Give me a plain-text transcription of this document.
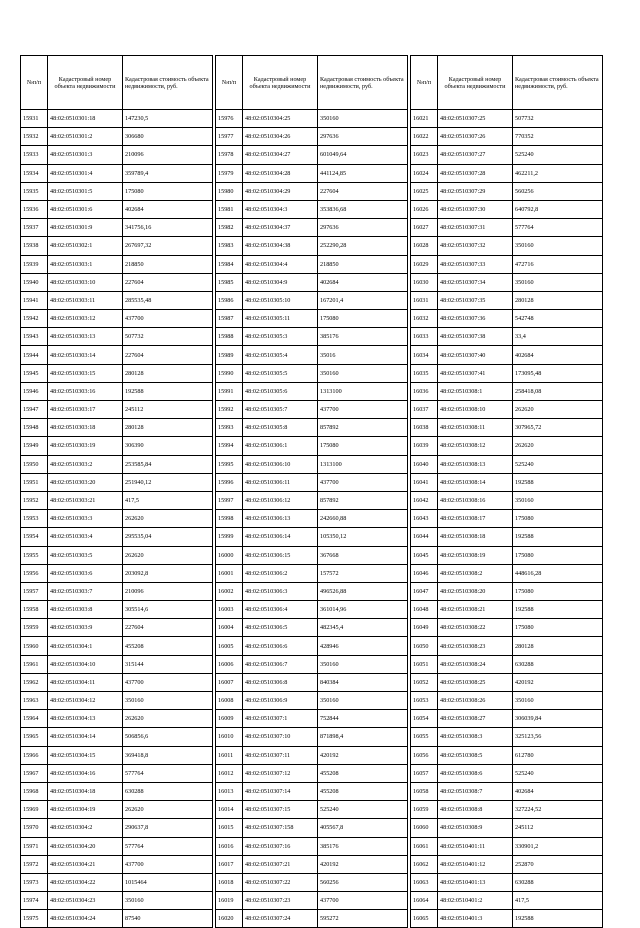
№п/п	Кадастровый номер объекта недвижимости	Кадастровая стоимость объекта недвижимости, руб.
15931	48:02:0510301:18	147230,5
15932	48:02:0510301:2	306680
15933	48:02:0510301:3	210096
15934	48:02:0510301:4	359789,4
15935	48:02:0510301:5	175080
15936	48:02:0510301:6	402684
15937	48:02:0510301:9	341756,16
15938	48:02:0510302:1	267697,32
15939	48:02:0510303:1	218850
15940	48:02:0510303:10	227604
15941	48:02:0510303:11	285535,48
15942	48:02:0510303:12	437700
15943	48:02:0510303:13	507732
15944	48:02:0510303:14	227604
15945	48:02:0510303:15	280128
15946	48:02:0510303:16	192588
15947	48:02:0510303:17	245112
15948	48:02:0510303:18	280128
15949	48:02:0510303:19	306390
15950	48:02:0510303:2	253585,84
15951	48:02:0510303:20	251940,12
15952	48:02:0510303:21	417,5
15953	48:02:0510303:3	262620
15954	48:02:0510303:4	295535,04
15955	48:02:0510303:5	262620
15956	48:02:0510303:6	203092,8
15957	48:02:0510303:7	210096
15958	48:02:0510303:8	305514,6
15959	48:02:0510303:9	227604
15960	48:02:0510304:1	455208
15961	48:02:0510304:10	315144
15962	48:02:0510304:11	437700
15963	48:02:0510304:12	350160
15964	48:02:0510304:13	262620
15965	48:02:0510304:14	506856,6
15966	48:02:0510304:15	369418,8
15967	48:02:0510304:16	577764
15968	48:02:0510304:18	630288
15969	48:02:0510304:19	262620
15970	48:02:0510304:2	290637,8
15971	48:02:0510304:20	577764
15972	48:02:0510304:21	437700
15973	48:02:0510304:22	1015464
15974	48:02:0510304:23	350160
15975	48:02:0510304:24	87540
№п/п	Кадастровый номер объекта недвижимости	Кадастровая стоимость объекта недвижимости, руб.
15976	48:02:0510304:25	350160
15977	48:02:0510304:26	297636
15978	48:02:0510304:27	601049,64
15979	48:02:0510304:28	441124,85
15980	48:02:0510304:29	227604
15981	48:02:0510304:3	353836,68
15982	48:02:0510304:37	297636
15983	48:02:0510304:38	252290,28
15984	48:02:0510304:4	218850
15985	48:02:0510304:9	402684
15986	48:02:0510305:10	167201,4
15987	48:02:0510305:11	175080
15988	48:02:0510305:3	385176
15989	48:02:0510305:4	35016
15990	48:02:0510305:5	350160
15991	48:02:0510305:6	1313100
15992	48:02:0510305:7	437700
15993	48:02:0510305:8	857892
15994	48:02:0510306:1	175080
15995	48:02:0510306:10	1313100
15996	48:02:0510306:11	437700
15997	48:02:0510306:12	857892
15998	48:02:0510306:13	242660,88
15999	48:02:0510306:14	105350,12
16000	48:02:0510306:15	367668
16001	48:02:0510306:2	157572
16002	48:02:0510306:3	496526,88
16003	48:02:0510306:4	361014,96
16004	48:02:0510306:5	482345,4
16005	48:02:0510306:6	428946
16006	48:02:0510306:7	350160
16007	48:02:0510306:8	840384
16008	48:02:0510306:9	350160
16009	48:02:0510307:1	752844
16010	48:02:0510307:10	871898,4
16011	48:02:0510307:11	420192
16012	48:02:0510307:12	455208
16013	48:02:0510307:14	455208
16014	48:02:0510307:15	525240
16015	48:02:0510307:158	405567,8
16016	48:02:0510307:16	385176
16017	48:02:0510307:21	420192
16018	48:02:0510307:22	560256
16019	48:02:0510307:23	437700
16020	48:02:0510307:24	595272
№п/п	Кадастровый номер объекта недвижимости	Кадастровая стоимость объекта недвижимости, руб.
16021	48:02:0510307:25	507732
16022	48:02:0510307:26	770352
16023	48:02:0510307:27	525240
16024	48:02:0510307:28	462211,2
16025	48:02:0510307:29	560256
16026	48:02:0510307:30	640792,8
16027	48:02:0510307:31	577764
16028	48:02:0510307:32	350160
16029	48:02:0510307:33	472716
16030	48:02:0510307:34	350160
16031	48:02:0510307:35	280128
16032	48:02:0510307:36	542748
16033	48:02:0510307:38	33,4
16034	48:02:0510307:40	402684
16035	48:02:0510307:41	173095,48
16036	48:02:0510308:1	258418,08
16037	48:02:0510308:10	262620
16038	48:02:0510308:11	307965,72
16039	48:02:0510308:12	262620
16040	48:02:0510308:13	525240
16041	48:02:0510308:14	192588
16042	48:02:0510308:16	350160
16043	48:02:0510308:17	175080
16044	48:02:0510308:18	192588
16045	48:02:0510308:19	175080
16046	48:02:0510308:2	448616,28
16047	48:02:0510308:20	175080
16048	48:02:0510308:21	192588
16049	48:02:0510308:22	175080
16050	48:02:0510308:23	280128
16051	48:02:0510308:24	630288
16052	48:02:0510308:25	420192
16053	48:02:0510308:26	350160
16054	48:02:0510308:27	306039,84
16055	48:02:0510308:3	325123,56
16056	48:02:0510308:5	612780
16057	48:02:0510308:6	525240
16058	48:02:0510308:7	402684
16059	48:02:0510308:8	327224,52
16060	48:02:0510308:9	245112
16061	48:02:0510401:11	330901,2
16062	48:02:0510401:12	252870
16063	48:02:0510401:13	630288
16064	48:02:0510401:2	417,5
16065	48:02:0510401:3	192588
